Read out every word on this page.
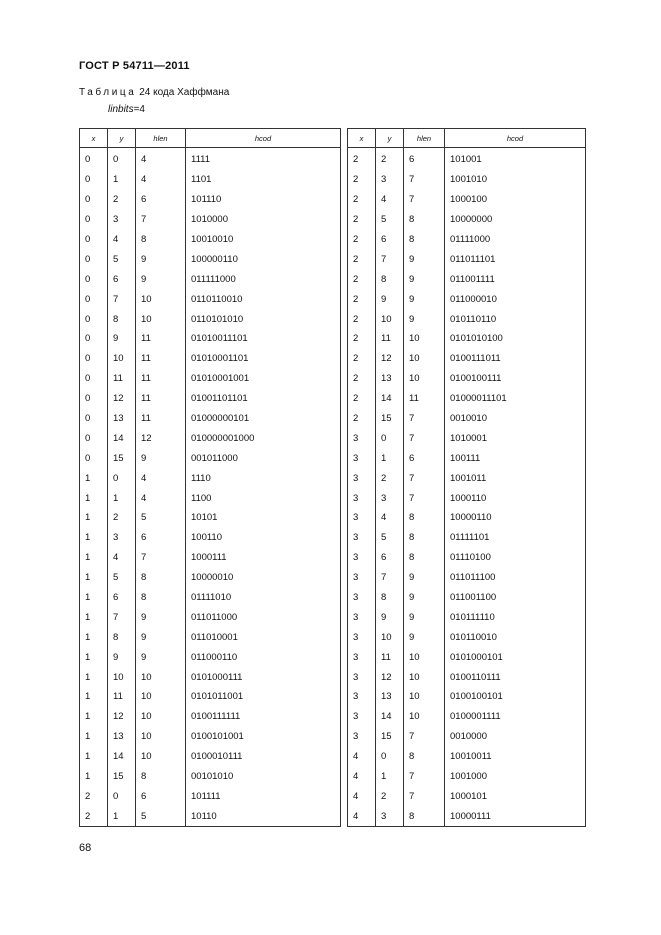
ГОСТ Р 54711—2011
Таблица 24 кода Хаффмана
linbits=4
x	y	hlen	hcod
0	0	4	1111
0	1	4	1101
0	2	6	101110
0	3	7	1010000
0	4	8	10010010
0	5	9	100000110
0	6	9	011111000
0	7	10	0110110010
0	8	10	0110101010
0	9	11	01010011101
0	10	11	01010001101
0	11	11	01010001001
0	12	11	01001101101
0	13	11	01000000101
0	14	12	010000001000
0	15	9	001011000
1	0	4	1110
1	1	4	1100
1	2	5	10101
1	3	6	100110
1	4	7	1000111
1	5	8	10000010
1	6	8	01111010
1	7	9	011011000
1	8	9	011010001
1	9	9	011000110
1	10	10	0101000111
1	11	10	0101011001
1	12	10	0100111111
1	13	10	0100101001
1	14	10	0100010111
1	15	8	00101010
2	0	6	101111
2	1	5	10110
x	y	hlen	hcod
2	2	6	101001
2	3	7	1001010
2	4	7	1000100
2	5	8	10000000
2	6	8	01111000
2	7	9	011011101
2	8	9	011001111
2	9	9	011000010
2	10	9	010110110
2	11	10	0101010100
2	12	10	0100111011
2	13	10	0100100111
2	14	11	01000011101
2	15	7	0010010
3	0	7	1010001
3	1	6	100111
3	2	7	1001011
3	3	7	1000110
3	4	8	10000110
3	5	8	01111101
3	6	8	01110100
3	7	9	011011100
3	8	9	011001100
3	9	9	010111110
3	10	9	010110010
3	11	10	0101000101
3	12	10	0100110111
3	13	10	0100100101
3	14	10	0100001111
3	15	7	0010000
4	0	8	10010011
4	1	7	1001000
4	2	7	1000101
4	3	8	10000111
68
